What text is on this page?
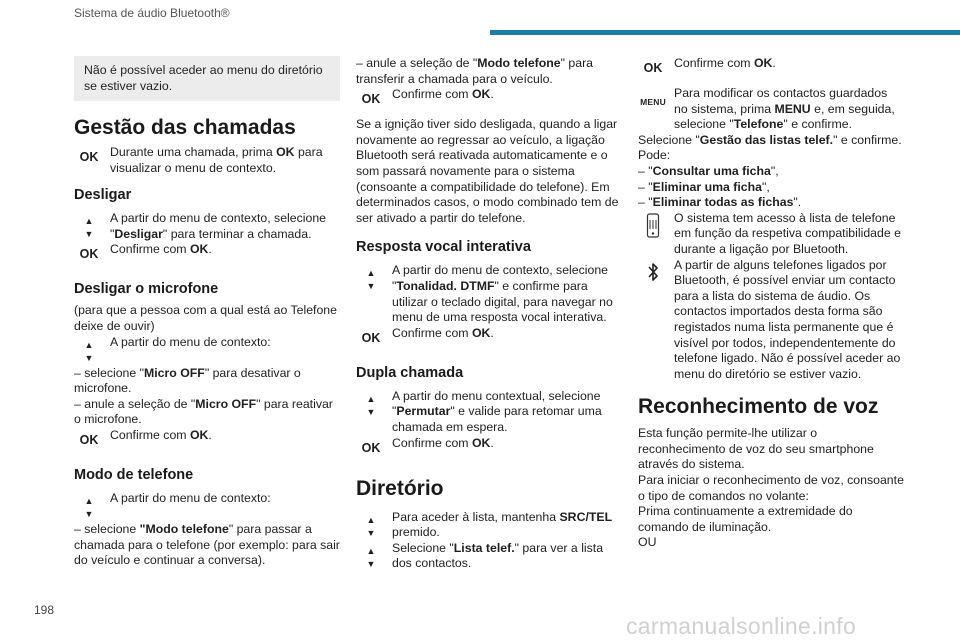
Sistema de áudio Bluetooth®
Não é possível aceder ao menu do diretório se estiver vazio.
Gestão das chamadas
OK Durante uma chamada, prima OK para visualizar o menu de contexto.
Desligar
▲
▼
A partir do menu de contexto, selecione "Desligar" para terminar a chamada.
OK Confirme com OK.
Desligar o microfone

(para que a pessoa com a qual está ao Telefone deixe de ouvir)

▲
▼
A partir do menu de contexto:

– selecione "Micro OFF" para desativar o microfone.

– anule a seleção de "Micro OFF" para reativar o microfone.

OK Confirme com OK.
Modo de telefone
▲
▼
A partir do menu de contexto:

– selecione "Modo telefone" para passar a chamada para o telefone (por exemplo: para sair do veículo e continuar a conversa).

– anule a seleção de "Modo telefone" para transferir a chamada para o veículo.

OK Confirme com OK.

Se a ignição tiver sido desligada, quando a ligar novamente ao regressar ao veículo, a ligação Bluetooth será reativada automaticamente e o som passará novamente para o sistema (consoante a compatibilidade do telefone). Em determinados casos, o modo combinado tem de ser ativado a partir do telefone.

Resposta vocal interativa
▲
▼
A partir do menu de contexto, selecione "Tonalidad. DTMF" e confirme para utilizar o teclado digital, para navegar no menu de uma resposta vocal interativa.
OK Confirme com OK.
Dupla chamada
▲
▼
A partir do menu contextual, selecione "Permutar" e valide para retomar uma chamada em espera.
OK Confirme com OK.
Diretório
▲
▼
Para aceder à lista, mantenha SRC/TEL premido.
▲
▼
Selecione "Lista telef." para ver a lista dos contactos.
OK Confirme com OK.
MENU
Para modificar os contactos guardados no sistema, prima MENU e, em seguida, selecione "Telefone" e confirme.

Selecione "Gestão das listas telef." e confirme.

Pode:

– "Consultar uma ficha",

– "Eliminar uma ficha",

– "Eliminar todas as fichas".

O sistema tem acesso à lista de telefone em função da respetiva compatibilidade e durante a ligação por Bluetooth.
A partir de alguns telefones ligados por Bluetooth, é possível enviar um contacto para a lista do sistema de áudio. Os contactos importados desta forma são registados numa lista permanente que é visível por todos, independentemente do telefone ligado. Não é possível aceder ao menu do diretório se estiver vazio.
Reconhecimento de voz

Esta função permite-lhe utilizar o reconhecimento de voz do seu smartphone através do sistema.

Para iniciar o reconhecimento de voz, consoante o tipo de comandos no volante:

Prima continuamente a extremidade do comando de iluminação.

OU

198
carmanualsonline.info
